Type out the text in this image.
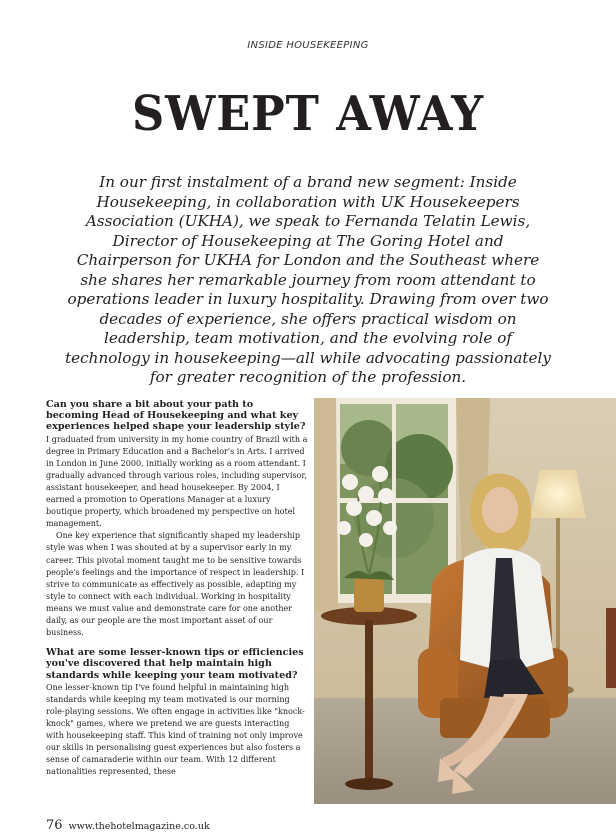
INSIDE HOUSEKEEPING
SWEPT AWAY

In our first instalment of a brand new segment: Inside Housekeeping, in collaboration with UK Housekeepers Association (UKHA), we speak to Fernanda Telatin Lewis, Director of Housekeeping at The Goring Hotel and Chairperson for UKHA for London and the Southeast where she shares her remarkable journey from room attendant to operations leader in luxury hospitality. Drawing from over two decades of experience, she offers practical wisdom on leadership, team motivation, and the evolving role of technology in housekeeping—all while advocating passionately for greater recognition of the profession.

Can you share a bit about your path to becoming Head of Housekeeping and what key experiences helped shape your leadership style?

I graduated from university in my home country of Brazil with a degree in Primary Education and a Bachelor's in Arts. I arrived in London in June 2000, initially working as a room attendant. I gradually advanced through various roles, including supervisor, assistant housekeeper, and head housekeeper. By 2004, I earned a promotion to Operations Manager at a luxury boutique property, which broadened my perspective on hotel management.

One key experience that significantly shaped my leadership style was when I was shouted at by a supervisor early in my career. This pivotal moment taught me to be sensitive towards people's feelings and the importance of respect in leadership. I strive to communicate as effectively as possible, adapting my style to connect with each individual. Working in hospitality means we must value and demonstrate care for one another daily, as our people are the most important asset of our business.

What are some lesser-known tips or efficiencies you've discovered that help maintain high standards while keeping your team motivated?

One lesser-known tip I've found helpful in maintaining high standards while keeping my team motivated is our morning role-playing sessions. We often engage in activities like "knock-knock" games, where we pretend we are guests interacting with housekeeping staff. This kind of training not only improve our skills in personalising guest experiences but also fosters a sense of camaraderie within our team. With 12 different nationalities represented, these

76 www.thehotelmagazine.co.uk
